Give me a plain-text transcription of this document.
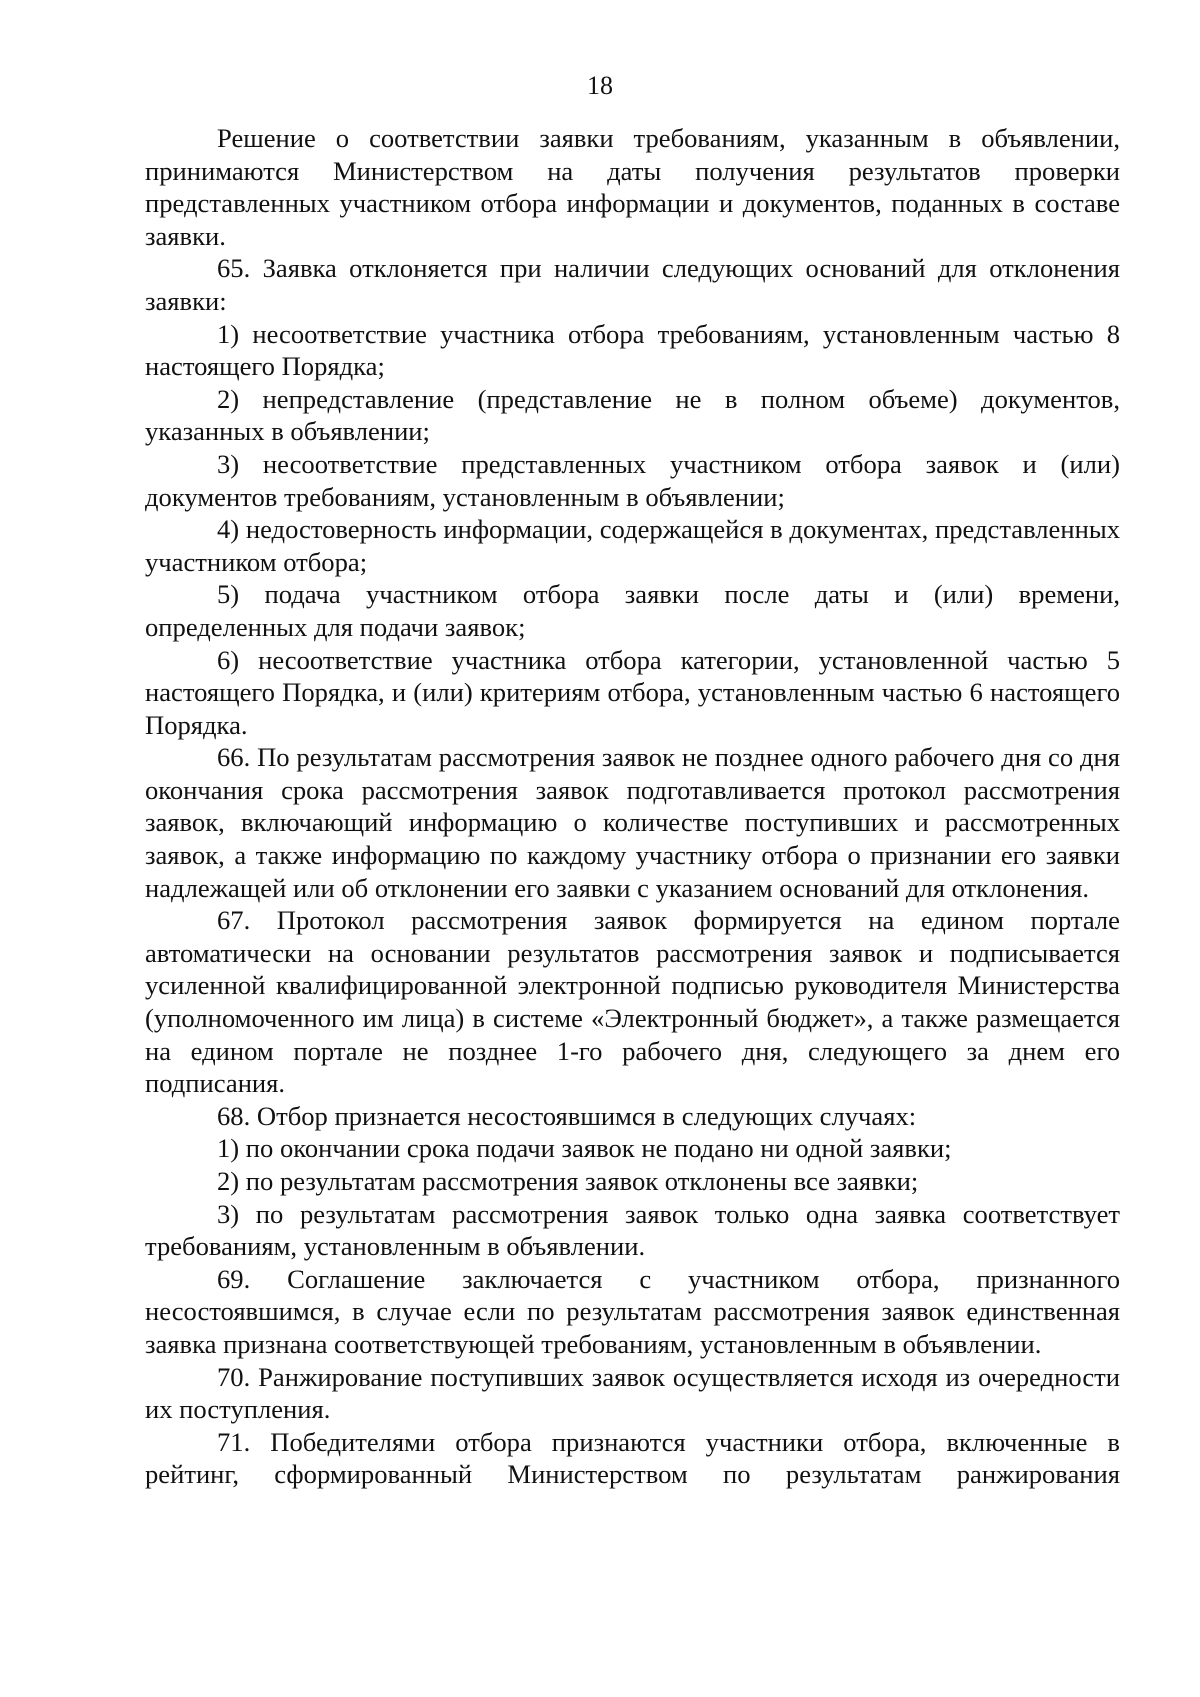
18

Решение о соответствии заявки требованиям, указанным в объявлении, принимаются Министерством на даты получения результатов проверки представленных участником отбора информации и документов, поданных в составе заявки.

65. Заявка отклоняется при наличии следующих оснований для отклонения заявки:

1) несоответствие участника отбора требованиям, установленным частью 8 настоящего Порядка;

2) непредставление (представление не в полном объеме) документов, указанных в объявлении;

3) несоответствие представленных участником отбора заявок и (или) документов требованиям, установленным в объявлении;

4) недостоверность информации, содержащейся в документах, представленных участником отбора;

5) подача участником отбора заявки после даты и (или) времени, определенных для подачи заявок;

6) несоответствие участника отбора категории, установленной частью 5 настоящего Порядка, и (или) критериям отбора, установленным частью 6 настоящего Порядка.

66. По результатам рассмотрения заявок не позднее одного рабочего дня со дня окончания срока рассмотрения заявок подготавливается протокол рассмотрения заявок, включающий информацию о количестве поступивших и рассмотренных заявок, а также информацию по каждому участнику отбора о признании его заявки надлежащей или об отклонении его заявки с указанием оснований для отклонения.

67. Протокол рассмотрения заявок формируется на едином портале автоматически на основании результатов рассмотрения заявок и подписывается усиленной квалифицированной электронной подписью руководителя Министерства (уполномоченного им лица) в системе «Электронный бюджет», а также размещается на едином портале не позднее 1-го рабочего дня, следующего за днем его подписания.

68. Отбор признается несостоявшимся в следующих случаях:

1) по окончании срока подачи заявок не подано ни одной заявки;

2) по результатам рассмотрения заявок отклонены все заявки;

3) по результатам рассмотрения заявок только одна заявка соответствует требованиям, установленным в объявлении.

69. Соглашение заключается с участником отбора, признанного несостоявшимся, в случае если по результатам рассмотрения заявок единственная заявка признана соответствующей требованиям, установленным в объявлении.

70. Ранжирование поступивших заявок осуществляется исходя из очередности их поступления.

71. Победителями отбора признаются участники отбора, включенные в рейтинг, сформированный Министерством по результатам ранжирования
